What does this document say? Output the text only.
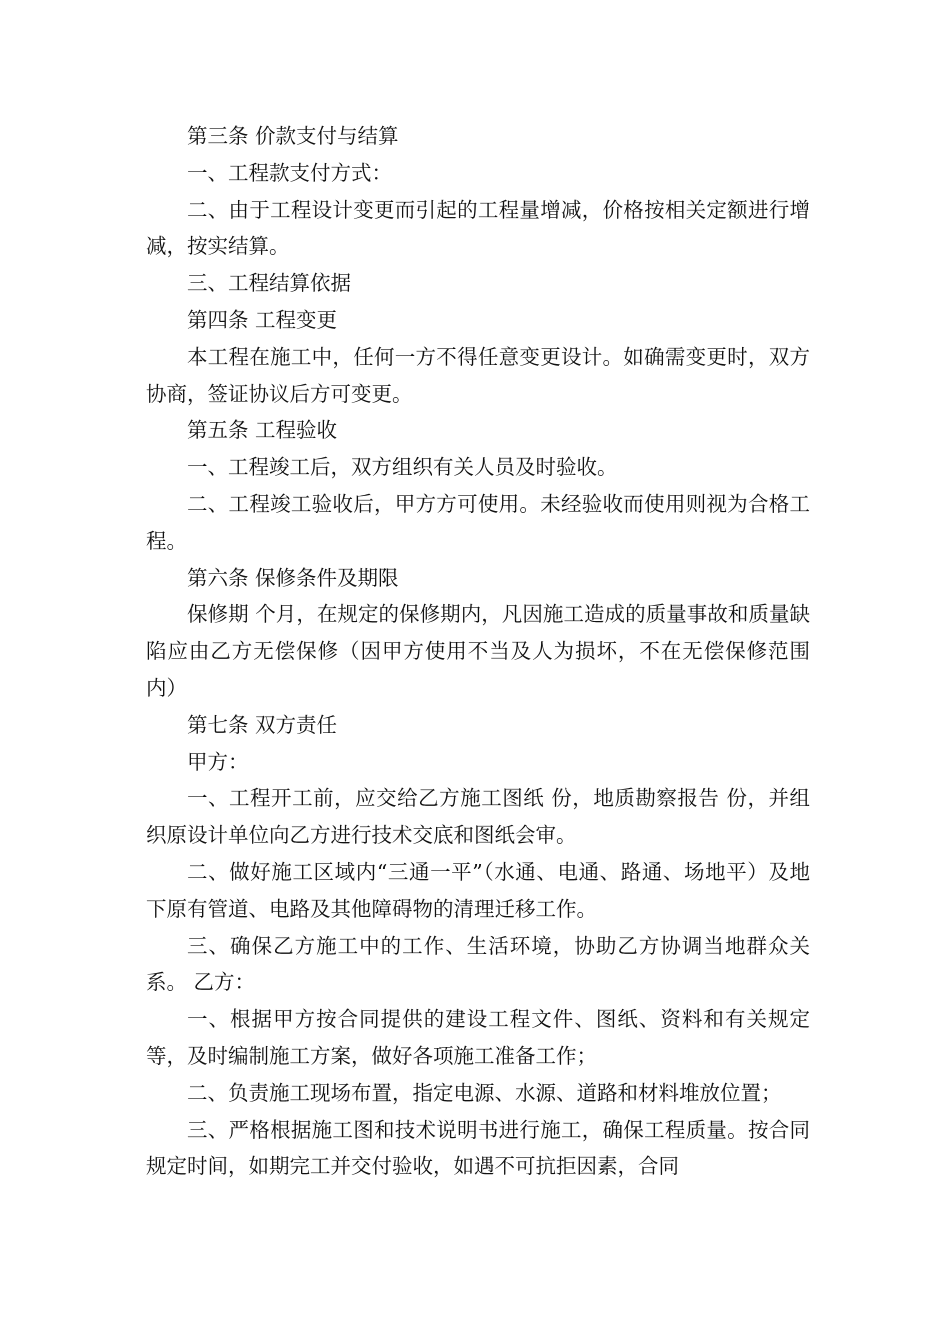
第三条 价款支付与结算

一、工程款支付方式：

二、由于工程设计变更而引起的工程量增减，价格按相关定额进行增减，按实结算。

三、工程结算依据

第四条 工程变更

本工程在施工中，任何一方不得任意变更设计。如确需变更时，双方协商，签证协议后方可变更。

第五条 工程验收

一、工程竣工后，双方组织有关人员及时验收。

二、工程竣工验收后，甲方方可使用。未经验收而使用则视为合格工程。

第六条 保修条件及期限

保修期 个月，在规定的保修期内，凡因施工造成的质量事故和质量缺陷应由乙方无偿保修（因甲方使用不当及人为损坏，不在无偿保修范围内）

第七条 双方责任

甲方：

一、工程开工前，应交给乙方施工图纸 份，地质勘察报告 份，并组织原设计单位向乙方进行技术交底和图纸会审。

二、做好施工区域内“三通一平”（水通、电通、路通、场地平）及地下原有管道、电路及其他障碍物的清理迁移工作。

三、确保乙方施工中的工作、生活环境，协助乙方协调当地群众关系。 乙方：

一、根据甲方按合同提供的建设工程文件、图纸、资料和有关规定等，及时编制施工方案，做好各项施工准备工作；

二、负责施工现场布置，指定电源、水源、道路和材料堆放位置；

三、严格根据施工图和技术说明书进行施工，确保工程质量。按合同规定时间，如期完工并交付验收，如遇不可抗拒因素，合同
